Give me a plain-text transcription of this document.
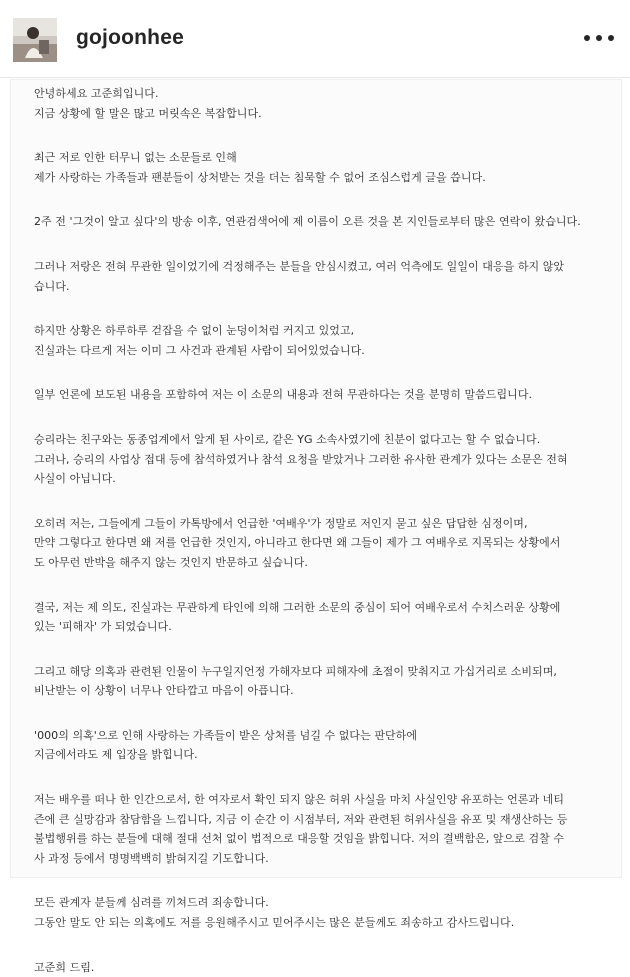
gojoonhee
안녕하세요 고준희입니다.
지금 상황에 할 말은 많고 머릿속은 복잡합니다.
최근 저로 인한 터무니 없는 소문들로 인해
제가 사랑하는 가족들과 팬분들이 상처받는 것을 더는 침묵할 수 없어 조심스럽게 글을 씁니다.
2주 전 '그것이 알고 싶다'의 방송 이후, 연관검색어에 제 이름이 오른 것을 본 지인들로부터 많은 연락이 왔습니다.
그러나 저랑은 전혀 무관한 일이었기에 걱정해주는 분들을 안심시켰고, 여러 억측에도 일일이 대응을 하지 않았
습니다.
하지만 상황은 하루하루 걷잡을 수 없이 눈덩이처럼 커지고 있었고,
진실과는 다르게 저는 이미 그 사건과 관계된 사람이 되어있었습니다.
일부 언론에 보도된 내용을 포함하여 저는 이 소문의 내용과 전혀 무관하다는 것을 분명히 말씀드립니다.
승리라는 친구와는 동종업계에서 알게 된 사이로, 같은 YG 소속사였기에 친분이 없다고는 할 수 없습니다.
그러나, 승리의 사업상 접대 등에 참석하였거나 참석 요청을 받았거나 그러한 유사한 관계가 있다는 소문은 전혀
사실이 아닙니다.
오히려 저는, 그들에게 그들이 카톡방에서 언급한 '여배우'가 정말로 저인지 묻고 싶은 답답한 심정이며,
만약 그렇다고 한다면 왜 저를 언급한 것인지, 아니라고 한다면 왜 그들이 제가 그 여배우로 지목되는 상황에서
도 아무런 반박을 해주지 않는 것인지 반문하고 싶습니다.
결국, 저는 제 의도, 진실과는 무관하게 타인에 의해 그러한 소문의 중심이 되어 여배우로서 수치스러운 상황에
있는 '피해자' 가 되었습니다.
그리고 해당 의혹과 관련된 인물이 누구일지언정 가해자보다 피해자에 초점이 맞춰지고 가십거리로 소비되며,
비난받는 이 상황이 너무나 안타깝고 마음이 아픕니다.
'000의 의혹'으로 인해 사랑하는 가족들이 받은 상처를 넘길 수 없다는 판단하에
지금에서라도 제 입장을 밝힙니다.
저는 배우를 떠나 한 인간으로서, 한 여자로서 확인 되지 않은 허위 사실을 마치 사실인양 유포하는 언론과 네티
즌에 큰 실망감과 참담함을 느낍니다, 지금 이 순간 이 시점부터, 저와 관련된 허위사실을 유포 및 재생산하는 등
불법행위를 하는 분들에 대해 절대 선처 없이 법적으로 대응할 것임을 밝힙니다. 저의 결백함은, 앞으로 검찰 수
사 과정 등에서 명명백백히 밝혀지길 기도합니다.
모든 관계자 분들께 심려를 끼쳐드려 죄송합니다.
그동안 말도 안 되는 의혹에도 저를 응원해주시고 믿어주시는 많은 분들께도 죄송하고 감사드립니다.
고준희 드림.
